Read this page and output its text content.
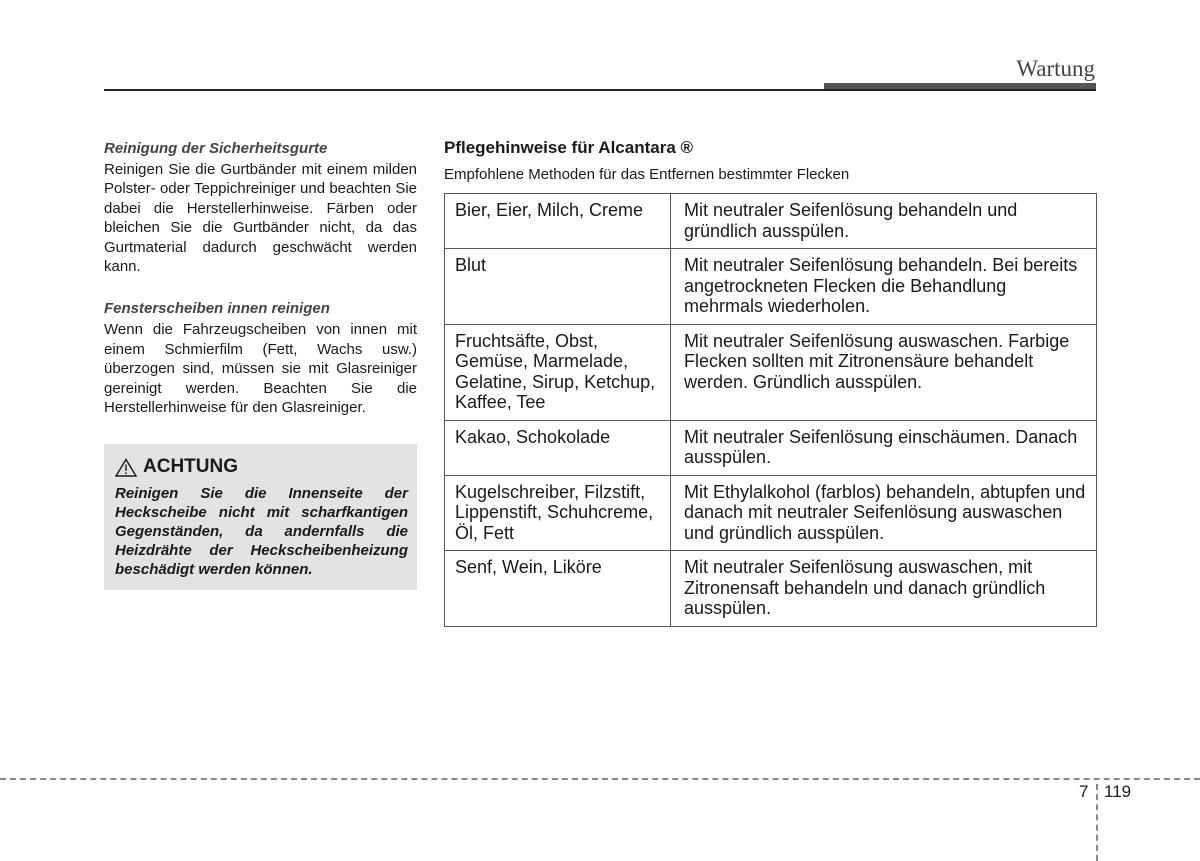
Wartung

Reinigung der Sicherheitsgurte

Reinigen Sie die Gurtbänder mit einem milden Polster- oder Teppichreiniger und beachten Sie dabei die Herstellerhinweise. Färben oder bleichen Sie die Gurtbänder nicht, da das Gurtmaterial dadurch geschwächt werden kann.

Fensterscheiben innen reinigen

Wenn die Fahrzeugscheiben von innen mit einem Schmierfilm (Fett, Wachs usw.) überzogen sind, müssen sie mit Glasreiniger gereinigt werden. Beachten Sie die Herstellerhinweise für den Glasreiniger.

ACHTUNG

Reinigen Sie die Innenseite der Heckscheibe nicht mit scharfkantigen Gegenständen, da andernfalls die Heizdrähte der Heckscheibenheizung beschädigt werden können.

Pflegehinweise für Alcantara ®

Empfohlene Methoden für das Entfernen bestimmter Flecken

Bier, Eier, Milch, Creme	Mit neutraler Seifenlösung behandeln und gründlich ausspülen.
Blut	Mit neutraler Seifenlösung behandeln. Bei bereits angetrockneten Flecken die Behandlung mehrmals wiederholen.
Fruchtsäfte, Obst, Gemüse, Marmelade, Gelatine, Sirup, Ketchup, Kaffee, Tee	Mit neutraler Seifenlösung auswaschen. Farbige Flecken sollten mit Zitronensäure behandelt werden. Gründlich ausspülen.
Kakao, Schokolade	Mit neutraler Seifenlösung einschäumen. Danach ausspülen.
Kugelschreiber, Filzstift, Lippenstift, Schuhcreme, Öl, Fett	Mit Ethylalkohol (farblos) behandeln, abtupfen und danach mit neutraler Seifenlösung auswaschen und gründlich ausspülen.
Senf, Wein, Liköre	Mit neutraler Seifenlösung auswaschen, mit Zitronensaft behandeln und danach gründlich ausspülen.
7 119
